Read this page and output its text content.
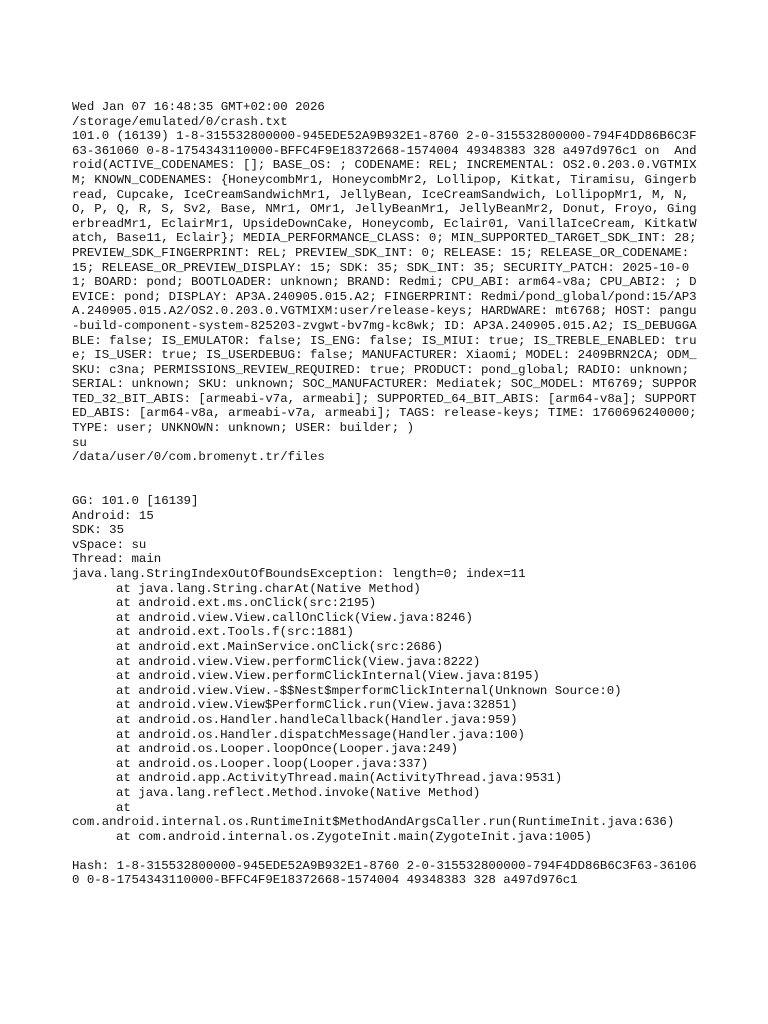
Wed Jan 07 16:48:35 GMT+02:00 2026
/storage/emulated/0/crash.txt
101.0 (16139) 1-8-315532800000-945EDE52A9B932E1-8760 2-0-315532800000-794F4DD86B6C3F63-361060 0-8-1754343110000-BFFC4F9E18372668-1574004 49348383 328 a497d976c1 on  Android(ACTIVE_CODENAMES: []; BASE_OS: ; CODENAME: REL; INCREMENTAL: OS2.0.203.0.VGTMIXM; KNOWN_CODENAMES: {HoneycombMr1, HoneycombMr2, Lollipop, Kitkat, Tiramisu, Gingerbread, Cupcake, IceCreamSandwichMr1, JellyBean, IceCreamSandwich, LollipopMr1, M, N, O, P, Q, R, S, Sv2, Base, NMr1, OMr1, JellyBeanMr1, JellyBeanMr2, Donut, Froyo, GingerbreadMr1, EclairMr1, UpsideDownCake, Honeycomb, Eclair01, VanillaIceCream, KitkatWatch, Base11, Eclair}; MEDIA_PERFORMANCE_CLASS: 0; MIN_SUPPORTED_TARGET_SDK_INT: 28; PREVIEW_SDK_FINGERPRINT: REL; PREVIEW_SDK_INT: 0; RELEASE: 15; RELEASE_OR_CODENAME: 15; RELEASE_OR_PREVIEW_DISPLAY: 15; SDK: 35; SDK_INT: 35; SECURITY_PATCH: 2025-10-01; BOARD: pond; BOOTLOADER: unknown; BRAND: Redmi; CPU_ABI: arm64-v8a; CPU_ABI2: ; DEVICE: pond; DISPLAY: AP3A.240905.015.A2; FINGERPRINT: Redmi/pond_global/pond:15/AP3A.240905.015.A2/OS2.0.203.0.VGTMIXM:user/release-keys; HARDWARE: mt6768; HOST: pangu-build-component-system-825203-zvgwt-bv7mg-kc8wk; ID: AP3A.240905.015.A2; IS_DEBUGGABLE: false; IS_EMULATOR: false; IS_ENG: false; IS_MIUI: true; IS_TREBLE_ENABLED: true; IS_USER: true; IS_USERDEBUG: false; MANUFACTURER: Xiaomi; MODEL: 2409BRN2CA; ODM_SKU: c3na; PERMISSIONS_REVIEW_REQUIRED: true; PRODUCT: pond_global; RADIO: unknown; SERIAL: unknown; SKU: unknown; SOC_MANUFACTURER: Mediatek; SOC_MODEL: MT6769; SUPPORTED_32_BIT_ABIS: [armeabi-v7a, armeabi]; SUPPORTED_64_BIT_ABIS: [arm64-v8a]; SUPPORTED_ABIS: [arm64-v8a, armeabi-v7a, armeabi]; TAGS: release-keys; TIME: 1760696240000; TYPE: user; UNKNOWN: unknown; USER: builder; )
su
/data/user/0/com.bromenyt.tr/files
GG: 101.0 [16139]
Android: 15
SDK: 35
vSpace: su
Thread: main
java.lang.StringIndexOutOfBoundsException: length=0; index=11
at java.lang.String.charAt(Native Method)
at android.ext.ms.onClick(src:2195)
at android.view.View.callOnClick(View.java:8246)
at android.ext.Tools.f(src:1881)
at android.ext.MainService.onClick(src:2686)
at android.view.View.performClick(View.java:8222)
at android.view.View.performClickInternal(View.java:8195)
at android.view.View.-$$Nest$mperformClickInternal(Unknown Source:0)
at android.view.View$PerformClick.run(View.java:32851)
at android.os.Handler.handleCallback(Handler.java:959)
at android.os.Handler.dispatchMessage(Handler.java:100)
at android.os.Looper.loopOnce(Looper.java:249)
at android.os.Looper.loop(Looper.java:337)
at android.app.ActivityThread.main(ActivityThread.java:9531)
at java.lang.reflect.Method.invoke(Native Method)
at
com.android.internal.os.RuntimeInit$MethodAndArgsCaller.run(RuntimeInit.java:636)
at com.android.internal.os.ZygoteInit.main(ZygoteInit.java:1005)
Hash: 1-8-315532800000-945EDE52A9B932E1-8760 2-0-315532800000-794F4DD86B6C3F63-361060 0-8-1754343110000-BFFC4F9E18372668-1574004 49348383 328 a497d976c1
